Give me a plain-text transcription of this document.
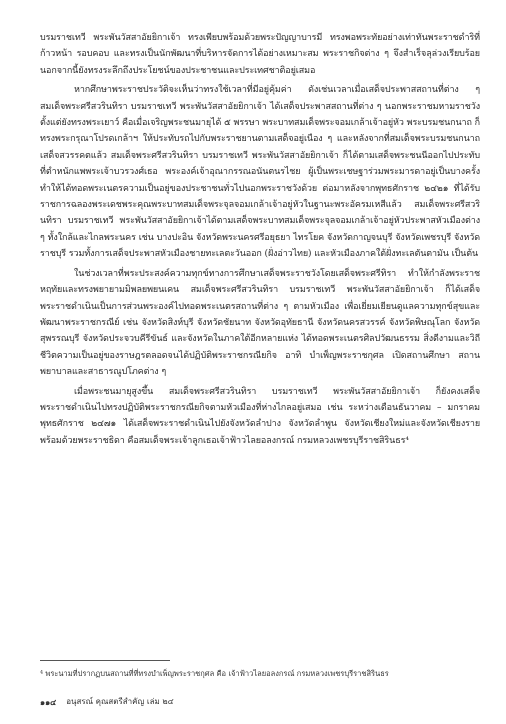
บรมราชเทวี พระพันวัสสาอัยยิกาเจ้า ทรงเพียบพร้อมด้วยพระปัญญาบารมี ทรงพอพระทัยอย่างเท่าทันพระราชดำริที่ก้าวหน้า รอบคอบ และทรงเป็นนักพัฒนาที่บริหารจัดการได้อย่างเหมาะสม พระราชกิจต่าง ๆ จึงสำเร็จลุล่วงเรียบร้อย นอกจากนี้ยังทรงระลึกถึงประโยชน์ของประชาชนและประเทศชาติอยู่เสมอ

หากศึกษาพระราชประวัติจะเห็นว่าทรงใช้เวลาที่มีอยู่คุ้มค่า ดังเช่นเวลาเมื่อเสด็จประพาสสถานที่ต่าง ๆ สมเด็จพระศรีสวรินทิรา บรมราชเทวี พระพันวัสสาอัยยิกาเจ้า ได้เสด็จประพาสสถานที่ต่าง ๆ นอกพระราชมหามราชวังตั้งแต่ยังทรงพระเยาว์ คือเมื่อเจริญพระชนมายุได้ ๕ พรรษา พระบาทสมเด็จพระจอมเกล้าเจ้าอยู่หัว พระบรมชนกนาถ ก็ทรงพระกรุณาโปรดเกล้าฯ ให้ประทับรถไปกับพระราชยานตามเสด็จอยู่เนือง ๆ และหลังจากที่สมเด็จพระบรมชนกนาถเสด็จสวรรคตแล้ว สมเด็จพระศรีสวรินทิรา บรมราชเทวี พระพันวัสสาอัยยิกาเจ้า ก็ได้ตามเสด็จพระชนนีออกไปประทับที่ตำหนักแพพระเจ้าบวรวงศ์เธอ พระองค์เจ้าอุณากรรณอนันตนรไชย ผู้เป็นพระเชษฐาร่วมพระมารดาอยู่เป็นบางครั้ง ทำให้ได้ทอดพระเนตรความเป็นอยู่ของประชาชนทั่วไปนอกพระราชวังด้วย ต่อมาหลังจากพุทธศักราช ๒๔๒๑ ที่ได้รับราชการฉลองพระเดชพระคุณพระบาทสมเด็จพระจุลจอมเกล้าเจ้าอยู่หัวในฐานะพระอัครมเหสีแล้ว สมเด็จพระศรีสวรินทิรา บรมราชเทวี พระพันวัสสาอัยยิกาเจ้าได้ตามเสด็จพระบาทสมเด็จพระจุลจอมเกล้าเจ้าอยู่หัวประพาสหัวเมืองต่าง ๆ ทั้งใกล้และไกลพระนคร เช่น บางปะอิน จังหวัดพระนครศรีอยุธยา ไทรโยค จังหวัดกาญจนบุรี จังหวัดเพชรบุรี จังหวัดราชบุรี รวมทั้งการเสด็จประพาสหัวเมืองชายทะเลตะวันออก (ฝั่งอ่าวไทย) และหัวเมืองภาคใต้ฝั่งทะเลตันตามัน เป็นต้น

ในช่วงเวลาที่พระประสงค์ความทุกข์ทางการศึกษาเสด็จพระราชวังโดยเสด็จพระศรีทิรา ทำให้กำลังพระราชหฤทัยและทรงพยายามมิพลยพยนเคน สมเด็จพระศรีสวรินทิรา บรมราชเทวี พระพันวัสสาอัยยิกาเจ้า ก็ได้เสด็จพระราชดำเนินเป็นการส่วนพระองค์ไปทอดพระเนตรสถานที่ต่าง ๆ ตามหัวเมือง เพื่อเยี่ยมเยียนดูแลความทุกข์สุขและพัฒนาพระราชกรณีย์ เช่น จังหวัดสิงห์บุรี จังหวัดชัยนาท จังหวัดอุทัยธานี จังหวัดนครสวรรค์ จังหวัดพิษณุโลก จังหวัดสุพรรณบุรี จังหวัดประจวบคีรีขันธ์ และจังหวัดในภาคใต้อีกหลายแห่ง ได้ทอดพระเนตรศิลปวัฒนธรรม สิ่งดีงามและวิถีชีวิตความเป็นอยู่ของราษฎรตลอดจนได้ปฏิบัติพระราชกรณียกิจ อาทิ บำเพ็ญพระราชกุศล เปิดสถานศึกษา สถานพยาบาลและสาธารณูปโภคต่าง ๆ

เมื่อพระชนมายุสูงขึ้น สมเด็จพระศรีสวรินทิรา บรมราชเทวี พระพันวัสสาอัยยิกาเจ้า ก็ยังคงเสด็จพระราชดำเนินไปทรงปฏิบัติพระราชกรณียกิจตามหัวเมืองที่ห่างไกลอยู่เสมอ เช่น ระหว่างเดือนธันวาคม – มกราคม พุทธศักราช ๒๔๗๑ ได้เสด็จพระราชดำเนินไปยังจังหวัดลำปาง จังหวัดลำพูน จังหวัดเชียงใหม่และจังหวัดเชียงราย พร้อมด้วยพระราชธิดา คือสมเด็จพระเจ้าลูกเธอเจ้าฟ้าวไลยอลงกรณ์ กรมหลวงเพชรบุรีราชสิรินธร⁴

⁴ พระนามที่ปรากฏบนสถานที่ที่ทรงบำเพ็ญพระราชกุศล คือ เจ้าฟ้าวไลยอลงกรณ์ กรมหลวงเพชรบุรีราชสิรินธร
๑๑๔ อนุสรณ์ คุณสตรีสำคัญ เล่ม ๒๔
